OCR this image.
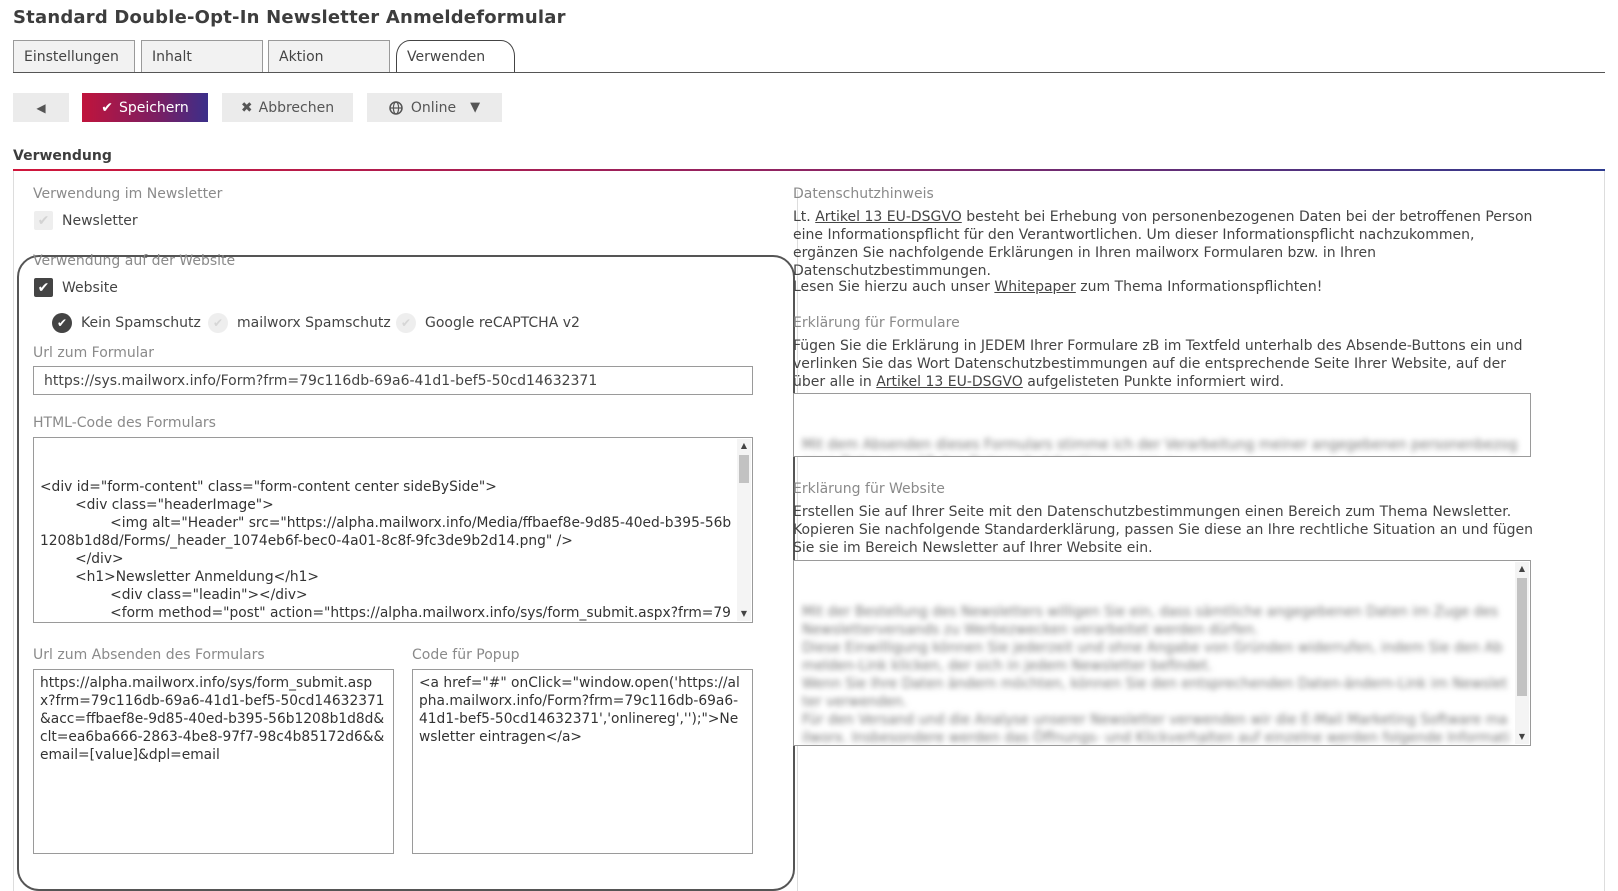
Standard Double-Opt-In Newsletter Anmeldeformular
Einstellungen	Inhalt	Aktion	Verwenden
◀	✔ Speichern	✖ Abbrechen	Online ▼
Verwendung
Verwendung im Newsletter
✔ Newsletter
Verwendung auf der Website
✔ Website
✔ Kein Spamschutz ✔ mailworx Spamschutz ✔ Google reCAPTCHA v2
Url zum Formular
https://sys.mailworx.info/Form?frm=79c116db-69a6-41d1-bef5-50cd14632371
HTML-Code des Formulars

<div id="form-content" class="form-content center sideBySide">
<div class="headerImage">
<img alt="Header" src="https://alpha.mailworx.info/Media/ffbaef8e-9d85-40ed-b395-56b1208b1d8d/Forms/_header_1074eb6f-bec0-4a01-8c8f-9fc3de9b2d14.png" />
</div>
<h1>Newsletter Anmeldung</h1>
<div class="leadin"></div>
<form method="post" action="https://alpha.mailworx.info/sys/form_submit.aspx?frm=79

▲

▼

Url zum Absenden des Formulars
https://alpha.mailworx.info/sys/form_submit.aspx?frm=79c116db-69a6-41d1-bef5-50cd14632371&acc=ffbaef8e-9d85-40ed-b395-56b1208b1d8d&clt=ea6ba666-2863-4be8-97f7-98c4b85172d6&&email=[value]&dpl=email
Code für Popup
<a href="#" onClick="window.open('https://alpha.mailworx.info/Form?frm=79c116db-69a6-41d1-bef5-50cd14632371','onlinereg','');">Newsletter eintragen</a>
Datenschutzhinweis
Lt. Artikel 13 EU-DSGVO besteht bei Erhebung von personenbezogenen Daten bei der betroffenen Person eine Informationspflicht für den Verantwortlichen. Um dieser Informationspflicht nachzukommen, ergänzen Sie nachfolgende Erklärungen in Ihren mailworx Formularen bzw. in Ihren Datenschutzbestimmungen.
Lesen Sie hierzu auch unser Whitepaper zum Thema Informationspflichten!
Erklärung für Formulare
Fügen Sie die Erklärung in JEDEM Ihrer Formulare zB im Textfeld unterhalb des Absende-Buttons ein und verlinken Sie das Wort Datenschutzbestimmungen auf die entsprechende Seite Ihrer Website, auf der über alle in Artikel 13 EU-DSGVO aufgelisteten Punkte informiert wird.

Mit dem Absenden dieses Formulars stimme ich der Verarbeitung meiner angegebenen personenbezog

Erklärung für Website
Erstellen Sie auf Ihrer Seite mit den Datenschutzbestimmungen einen Bereich zum Thema Newsletter. Kopieren Sie nachfolgende Standarderklärung, passen Sie diese an Ihre rechtliche Situation an und fügen Sie sie im Bereich Newsletter auf Ihrer Website ein.

Mit der Bestellung des Newsletters willigen Sie ein, dass sämtliche angegebenen Daten im Zuge des Newsletterversands zu Werbezwecken verarbeitet werden dürfen.
Diese Einwilligung können Sie jederzeit und ohne Angabe von Gründen widerrufen, indem Sie den Abmelden-Link klicken, der sich in jedem Newsletter befindet.
Wenn Sie Ihre Daten ändern möchten, können Sie den entsprechenden Daten-ändern-Link im Newsletter verwenden.
Für den Versand und die Analyse unserer Newsletter verwenden wir die E-Mail Marketing Software mailworx. Insbesondere werden das Öffnungs- und Klickverhalten auf einzelne werden folgende Informati

▲

▼
